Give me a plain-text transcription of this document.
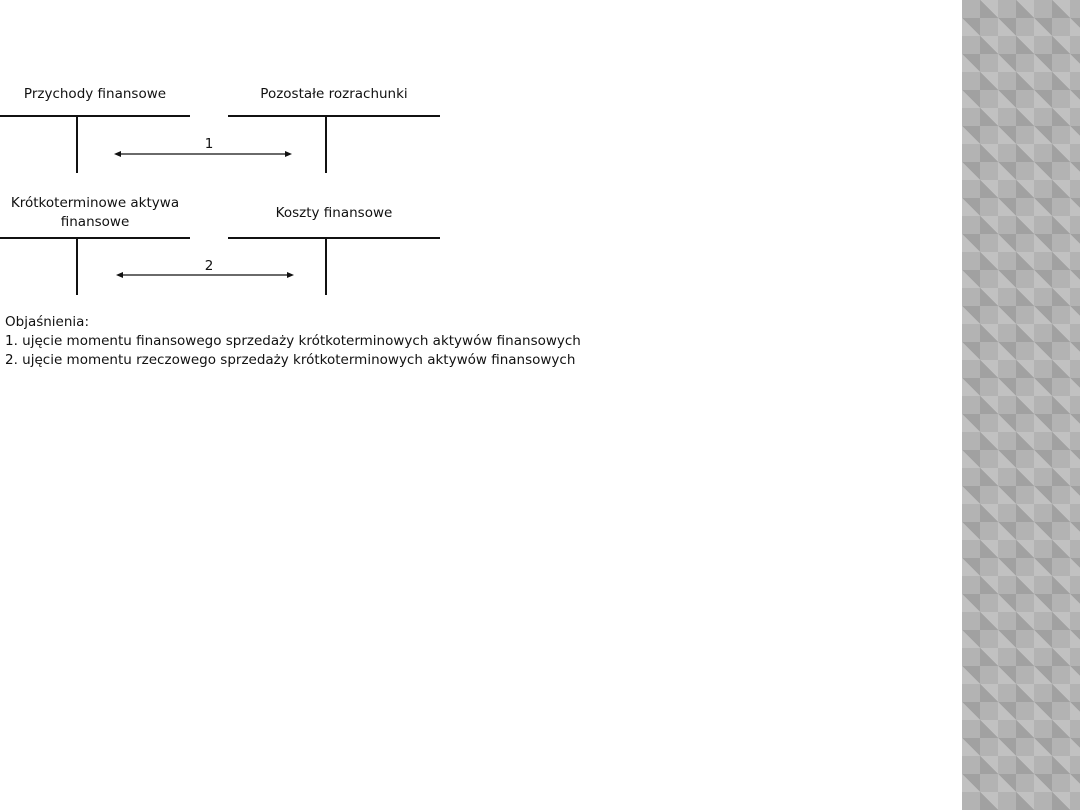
Przychody finansowe	Pozostałe rozrachunki
1
Krótkoterminowe aktywa
finansowe
Koszty finansowe
2
Objaśnienia:
1. ujęcie momentu finansowego sprzedaży krótkoterminowych aktywów finansowych
2. ujęcie momentu rzeczowego sprzedaży krótkoterminowych aktywów finansowych
